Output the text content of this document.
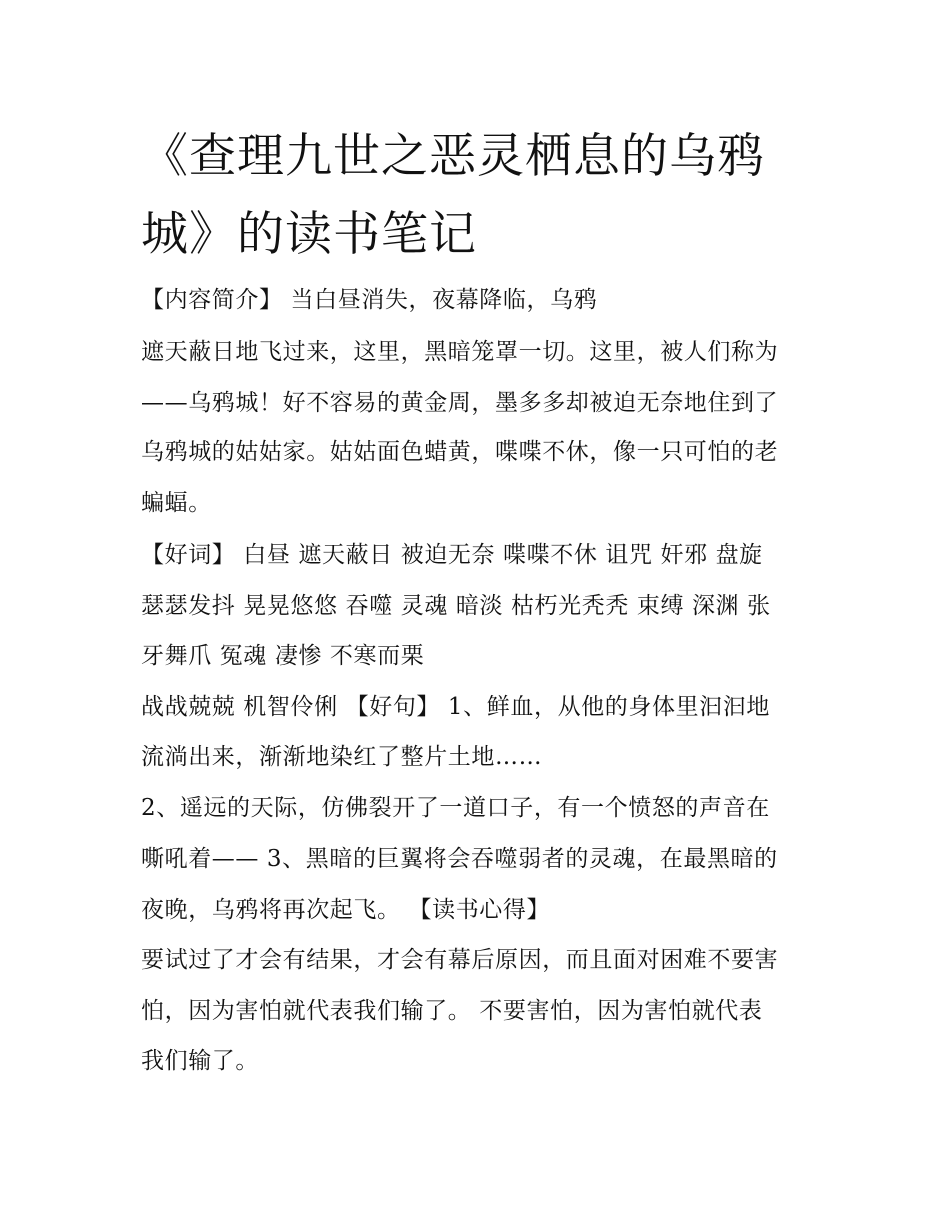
《查理九世之恶灵栖息的乌鸦
城》的读书笔记
【内容简介】 当白昼消失，夜幕降临，乌鸦
遮天蔽日地飞过来，这里，黑暗笼罩一切。这里，被人们称为
——乌鸦城！好不容易的黄金周，墨多多却被迫无奈地住到了
乌鸦城的姑姑家。姑姑面色蜡黄，喋喋不休，像一只可怕的老
蝙蝠。
【好词】 白昼 遮天蔽日 被迫无奈 喋喋不休 诅咒 奸邪 盘旋
瑟瑟发抖 晃晃悠悠 吞噬 灵魂 暗淡 枯朽光秃秃 束缚 深渊 张
牙舞爪 冤魂 凄惨 不寒而栗
战战兢兢 机智伶俐 【好句】 1、鲜血，从他的身体里汩汩地
流淌出来，渐渐地染红了整片土地……
2、遥远的天际，仿佛裂开了一道口子，有一个愤怒的声音在
嘶吼着—— 3、黑暗的巨翼将会吞噬弱者的灵魂，在最黑暗的
夜晚，乌鸦将再次起飞。 【读书心得】
要试过了才会有结果，才会有幕后原因，而且面对困难不要害
怕，因为害怕就代表我们输了。 不要害怕，因为害怕就代表
我们输了。
